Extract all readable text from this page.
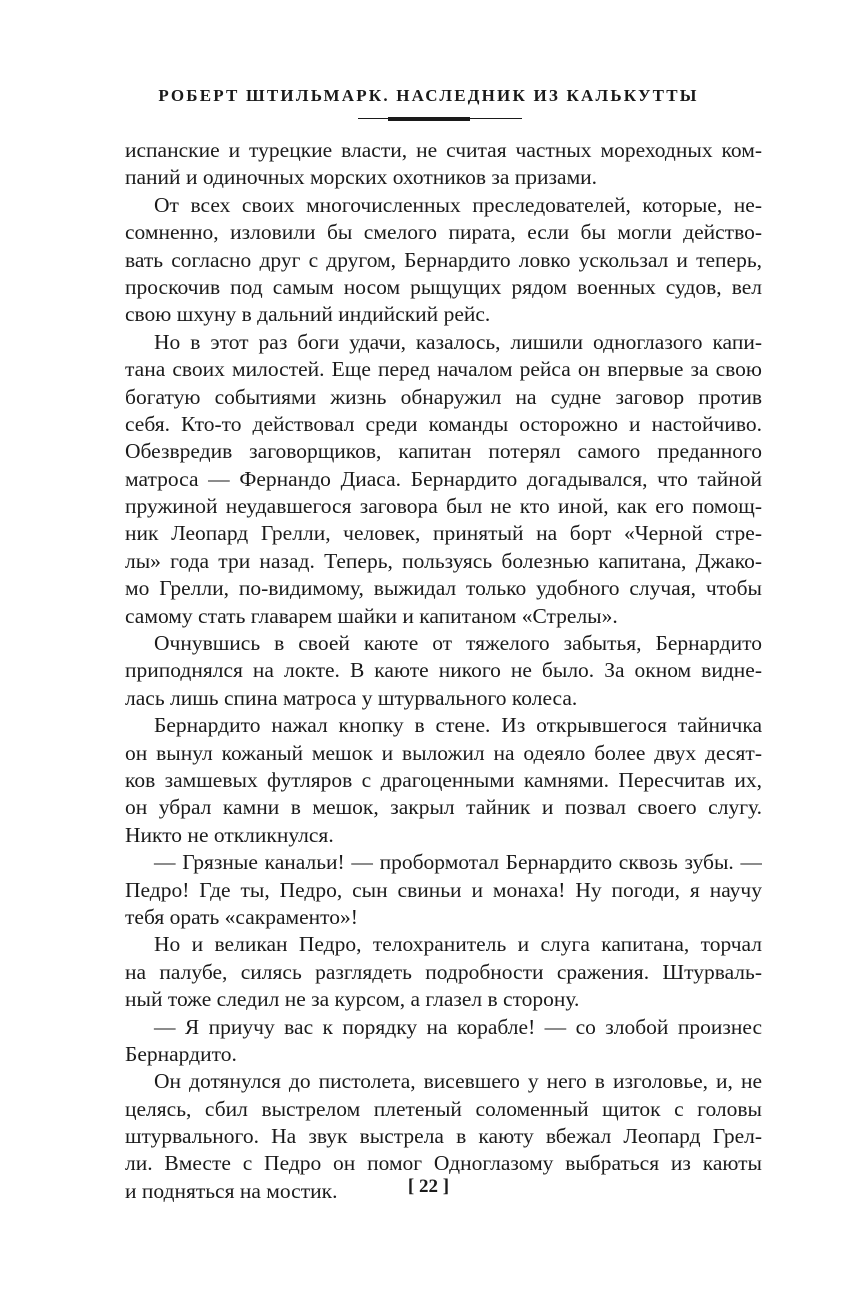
РОБЕРТ ШТИЛЬМАРК. НАСЛЕДНИК ИЗ КАЛЬКУТТЫ
испанские и турецкие власти, не считая частных мореходных ком-
паний и одиночных морских охотников за призами.
От всех своих многочисленных преследователей, которые, не-
сомненно, изловили бы смелого пирата, если бы могли действо-
вать согласно друг с другом, Бернардито ловко ускользал и теперь,
проскочив под самым носом рыщущих рядом военных судов, вел
свою шхуну в дальний индийский рейс.
Но в этот раз боги удачи, казалось, лишили одноглазого капи-
тана своих милостей. Еще перед началом рейса он впервые за свою
богатую событиями жизнь обнаружил на судне заговор против
себя. Кто-то действовал среди команды осторожно и настойчиво.
Обезвредив заговорщиков, капитан потерял самого преданного
матроса — Фернандо Диаса. Бернардито догадывался, что тайной
пружиной неудавшегося заговора был не кто иной, как его помощ-
ник Леопард Грелли, человек, принятый на борт «Черной стре-
лы» года три назад. Теперь, пользуясь болезнью капитана, Джако-
мо Грелли, по-видимому, выжидал только удобного случая, чтобы
самому стать главарем шайки и капитаном «Стрелы».
Очнувшись в своей каюте от тяжелого забытья, Бернардито
приподнялся на локте. В каюте никого не было. За окном видне-
лась лишь спина матроса у штурвального колеса.
Бернардито нажал кнопку в стене. Из открывшегося тайничка
он вынул кожаный мешок и выложил на одеяло более двух десят-
ков замшевых футляров с драгоценными камнями. Пересчитав их,
он убрал камни в мешок, закрыл тайник и позвал своего слугу.
Никто не откликнулся.
— Грязные канальи! — пробормотал Бернардито сквозь зубы. —
Педро! Где ты, Педро, сын свиньи и монаха! Ну погоди, я научу
тебя орать «сакраменто»!
Но и великан Педро, телохранитель и слуга капитана, торчал
на палубе, силясь разглядеть подробности сражения. Штурваль-
ный тоже следил не за курсом, а глазел в сторону.
— Я приучу вас к порядку на корабле! — со злобой произнес
Бернардито.
Он дотянулся до пистолета, висевшего у него в изголовье, и, не
целясь, сбил выстрелом плетеный соломенный щиток с головы
штурвального. На звук выстрела в каюту вбежал Леопард Грел-
ли. Вместе с Педро он помог Одноглазому выбраться из каюты
и подняться на мостик.	[ 22 ]
